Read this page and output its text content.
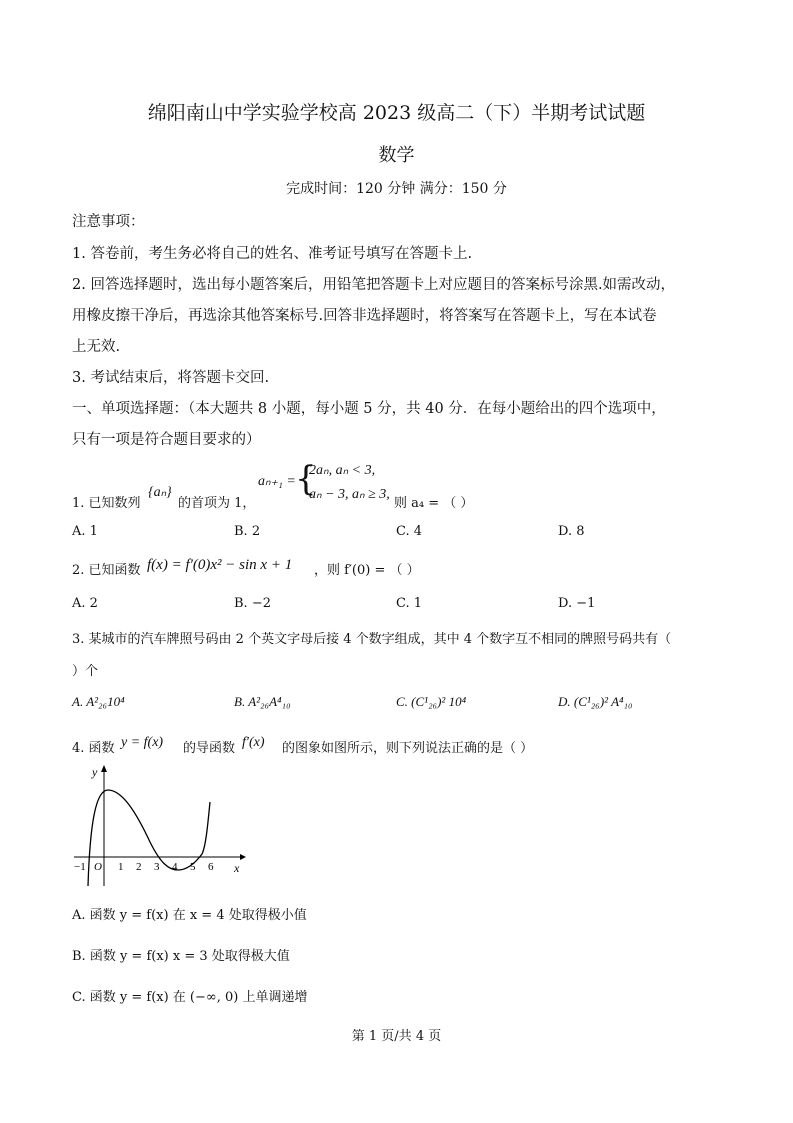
绵阳南山中学实验学校高 2023 级高二（下）半期考试试题
数学
完成时间：120 分钟 满分：150 分
注意事项：
1. 答卷前，考生务必将自己的姓名、准考证号填写在答题卡上.
2. 回答选择题时，选出每小题答案后，用铅笔把答题卡上对应题目的答案标号涂黑.如需改动，
用橡皮擦干净后，再选涂其他答案标号.回答非选择题时，将答案写在答题卡上，写在本试卷
上无效.
3. 考试结束后，将答题卡交回.
一、单项选择题：（本大题共 8 小题，每小题 5 分，共 40 分．在每小题给出的四个选项中，
只有一项是符合题目要求的）
1. 已知数列
{aₙ}
的首项为 1，
aₙ₊₁ = {
2aₙ, aₙ < 3,
aₙ − 3, aₙ ≥ 3,
则 a₄ = （ ）
A. 1	B. 2	C. 4	D. 8
2. 已知函数 f(x) = f′(0)x² − sin x + 1 ，则 f′(0) = （ ）
A. 2	B. −2	C. 1	D. −1
3. 某城市的汽车牌照号码由 2 个英文字母后接 4 个数字组成，其中 4 个数字互不相同的牌照号码共有（
）个
A. A²₂₆10⁴	B. A²₂₆A⁴₁₀	C. (C¹₂₆)² 10⁴	D. (C¹₂₆)² A⁴₁₀
4. 函数 y = f(x) 的导函数 f′(x) 的图象如图所示，则下列说法正确的是（ ）
y
x
O
−1	1 2 3 4 5 6
A. 函数 y = f(x) 在 x = 4 处取得极小值
B. 函数 y = f(x) x = 3 处取得极大值
C. 函数 y = f(x) 在 (−∞, 0) 上单调递增
第 1 页/共 4 页
